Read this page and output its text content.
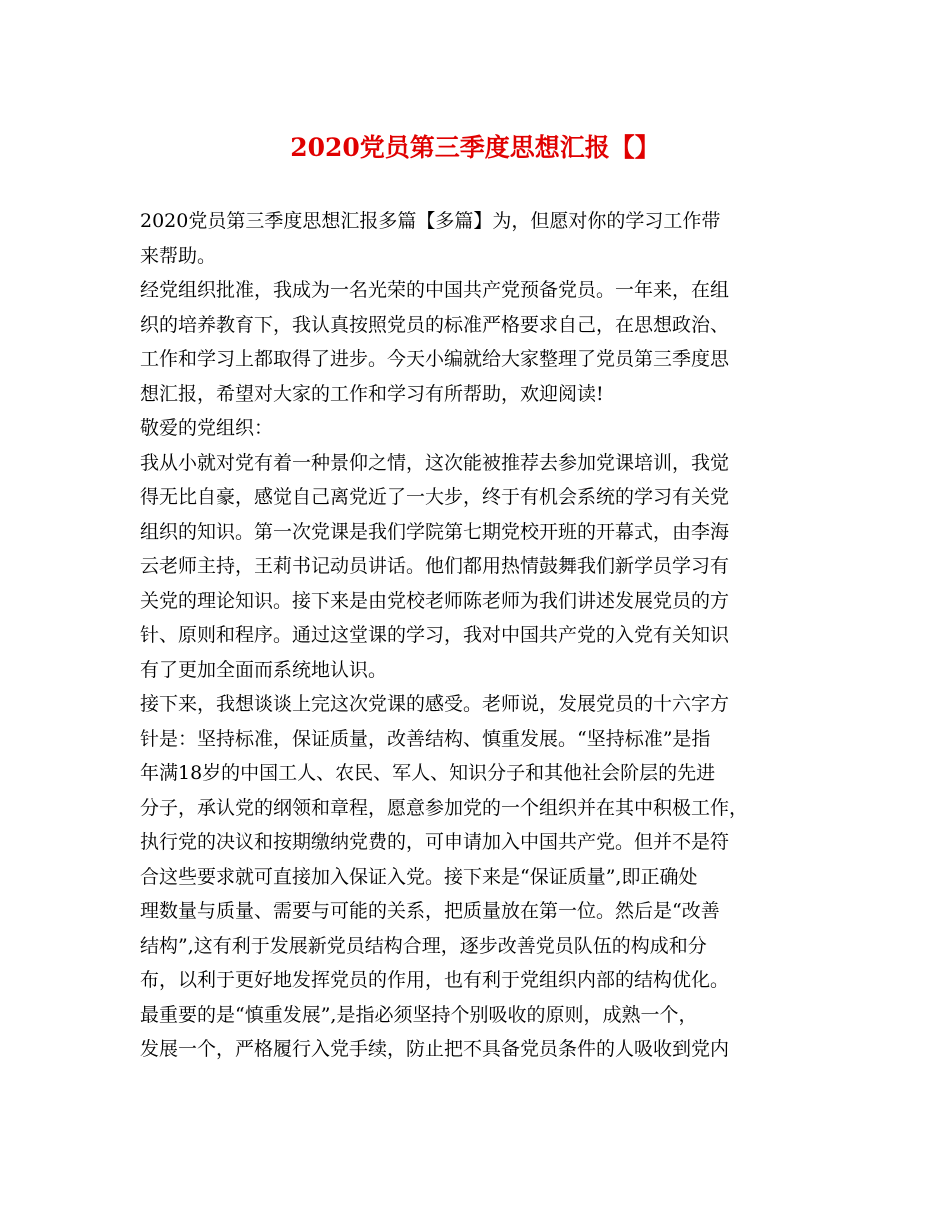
2020党员第三季度思想汇报【】
2020党员第三季度思想汇报多篇【多篇】为，但愿对你的学习工作带
来帮助。
经党组织批准，我成为一名光荣的中国共产党预备党员。一年来，在组
织的培养教育下，我认真按照党员的标准严格要求自己，在思想政治、
工作和学习上都取得了进步。今天小编就给大家整理了党员第三季度思
想汇报，希望对大家的工作和学习有所帮助，欢迎阅读!
敬爱的党组织：
我从小就对党有着一种景仰之情，这次能被推荐去参加党课培训，我觉
得无比自豪，感觉自己离党近了一大步，终于有机会系统的学习有关党
组织的知识。第一次党课是我们学院第七期党校开班的开幕式，由李海
云老师主持，王莉书记动员讲话。他们都用热情鼓舞我们新学员学习有
关党的理论知识。接下来是由党校老师陈老师为我们讲述发展党员的方
针、原则和程序。通过这堂课的学习，我对中国共产党的入党有关知识
有了更加全面而系统地认识。
接下来，我想谈谈上完这次党课的感受。老师说，发展党员的十六字方
针是：坚持标准，保证质量，改善结构、慎重发展。“坚持标准”是指
年满18岁的中国工人、农民、军人、知识分子和其他社会阶层的先进
分子，承认党的纲领和章程，愿意参加党的一个组织并在其中积极工作，
执行党的决议和按期缴纳党费的，可申请加入中国共产党。但并不是符
合这些要求就可直接加入保证入党。接下来是“保证质量”,即正确处
理数量与质量、需要与可能的关系，把质量放在第一位。然后是“改善
结构”,这有利于发展新党员结构合理，逐步改善党员队伍的构成和分
布，以利于更好地发挥党员的作用，也有利于党组织内部的结构优化。
最重要的是“慎重发展”,是指必须坚持个别吸收的原则，成熟一个，
发展一个，严格履行入党手续，防止把不具备党员条件的人吸收到党内
